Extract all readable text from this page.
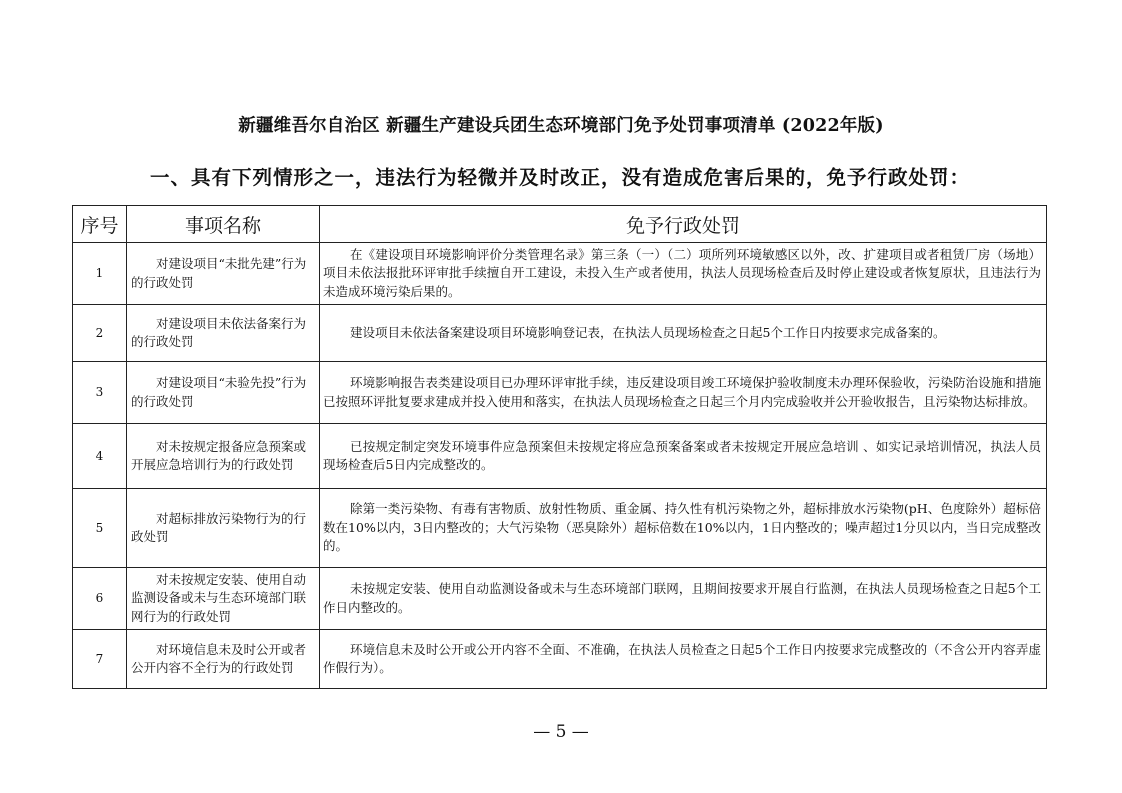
新疆维吾尔自治区 新疆生产建设兵团生态环境部门免予处罚事项清单 (2022年版)
一、具有下列情形之一，违法行为轻微并及时改正，没有造成危害后果的，免予行政处罚：
序号	事项名称	免予行政处罚
1	对建设项目“未批先建”行为的行政处罚	在《建设项目环境影响评价分类管理名录》第三条（一）（二）项所列环境敏感区以外，改、扩建项目或者租赁厂房（场地）项目未依法报批环评审批手续擅自开工建设，未投入生产或者使用，执法人员现场检查后及时停止建设或者恢复原状，且违法行为未造成环境污染后果的。
2	对建设项目未依法备案行为的行政处罚	建设项目未依法备案建设项目环境影响登记表，在执法人员现场检查之日起5个工作日内按要求完成备案的。
3	对建设项目“未验先投”行为的行政处罚	环境影响报告表类建设项目已办理环评审批手续，违反建设项目竣工环境保护验收制度未办理环保验收，污染防治设施和措施已按照环评批复要求建成并投入使用和落实，在执法人员现场检查之日起三个月内完成验收并公开验收报告，且污染物达标排放。
4	对未按规定报备应急预案或开展应急培训行为的行政处罚	已按规定制定突发环境事件应急预案但未按规定将应急预案备案或者未按规定开展应急培训 、如实记录培训情况，执法人员现场检查后5日内完成整改的。
5	对超标排放污染物行为的行政处罚	除第一类污染物、有毒有害物质、放射性物质、重金属、持久性有机污染物之外，超标排放水污染物(pH、色度除外）超标倍数在10%以内，3日内整改的；大气污染物（恶臭除外）超标倍数在10%以内，1日内整改的；噪声超过1分贝以内，当日完成整改的。
6	对未按规定安装、使用自动监测设备或未与生态环境部门联网行为的行政处罚	未按规定安装、使用自动监测设备或未与生态环境部门联网，且期间按要求开展自行监测，在执法人员现场检查之日起5个工作日内整改的。
7	对环境信息未及时公开或者公开内容不全行为的行政处罚	环境信息未及时公开或公开内容不全面、不准确，在执法人员检查之日起5个工作日内按要求完成整改的（不含公开内容弄虚作假行为）。
— 5 —
